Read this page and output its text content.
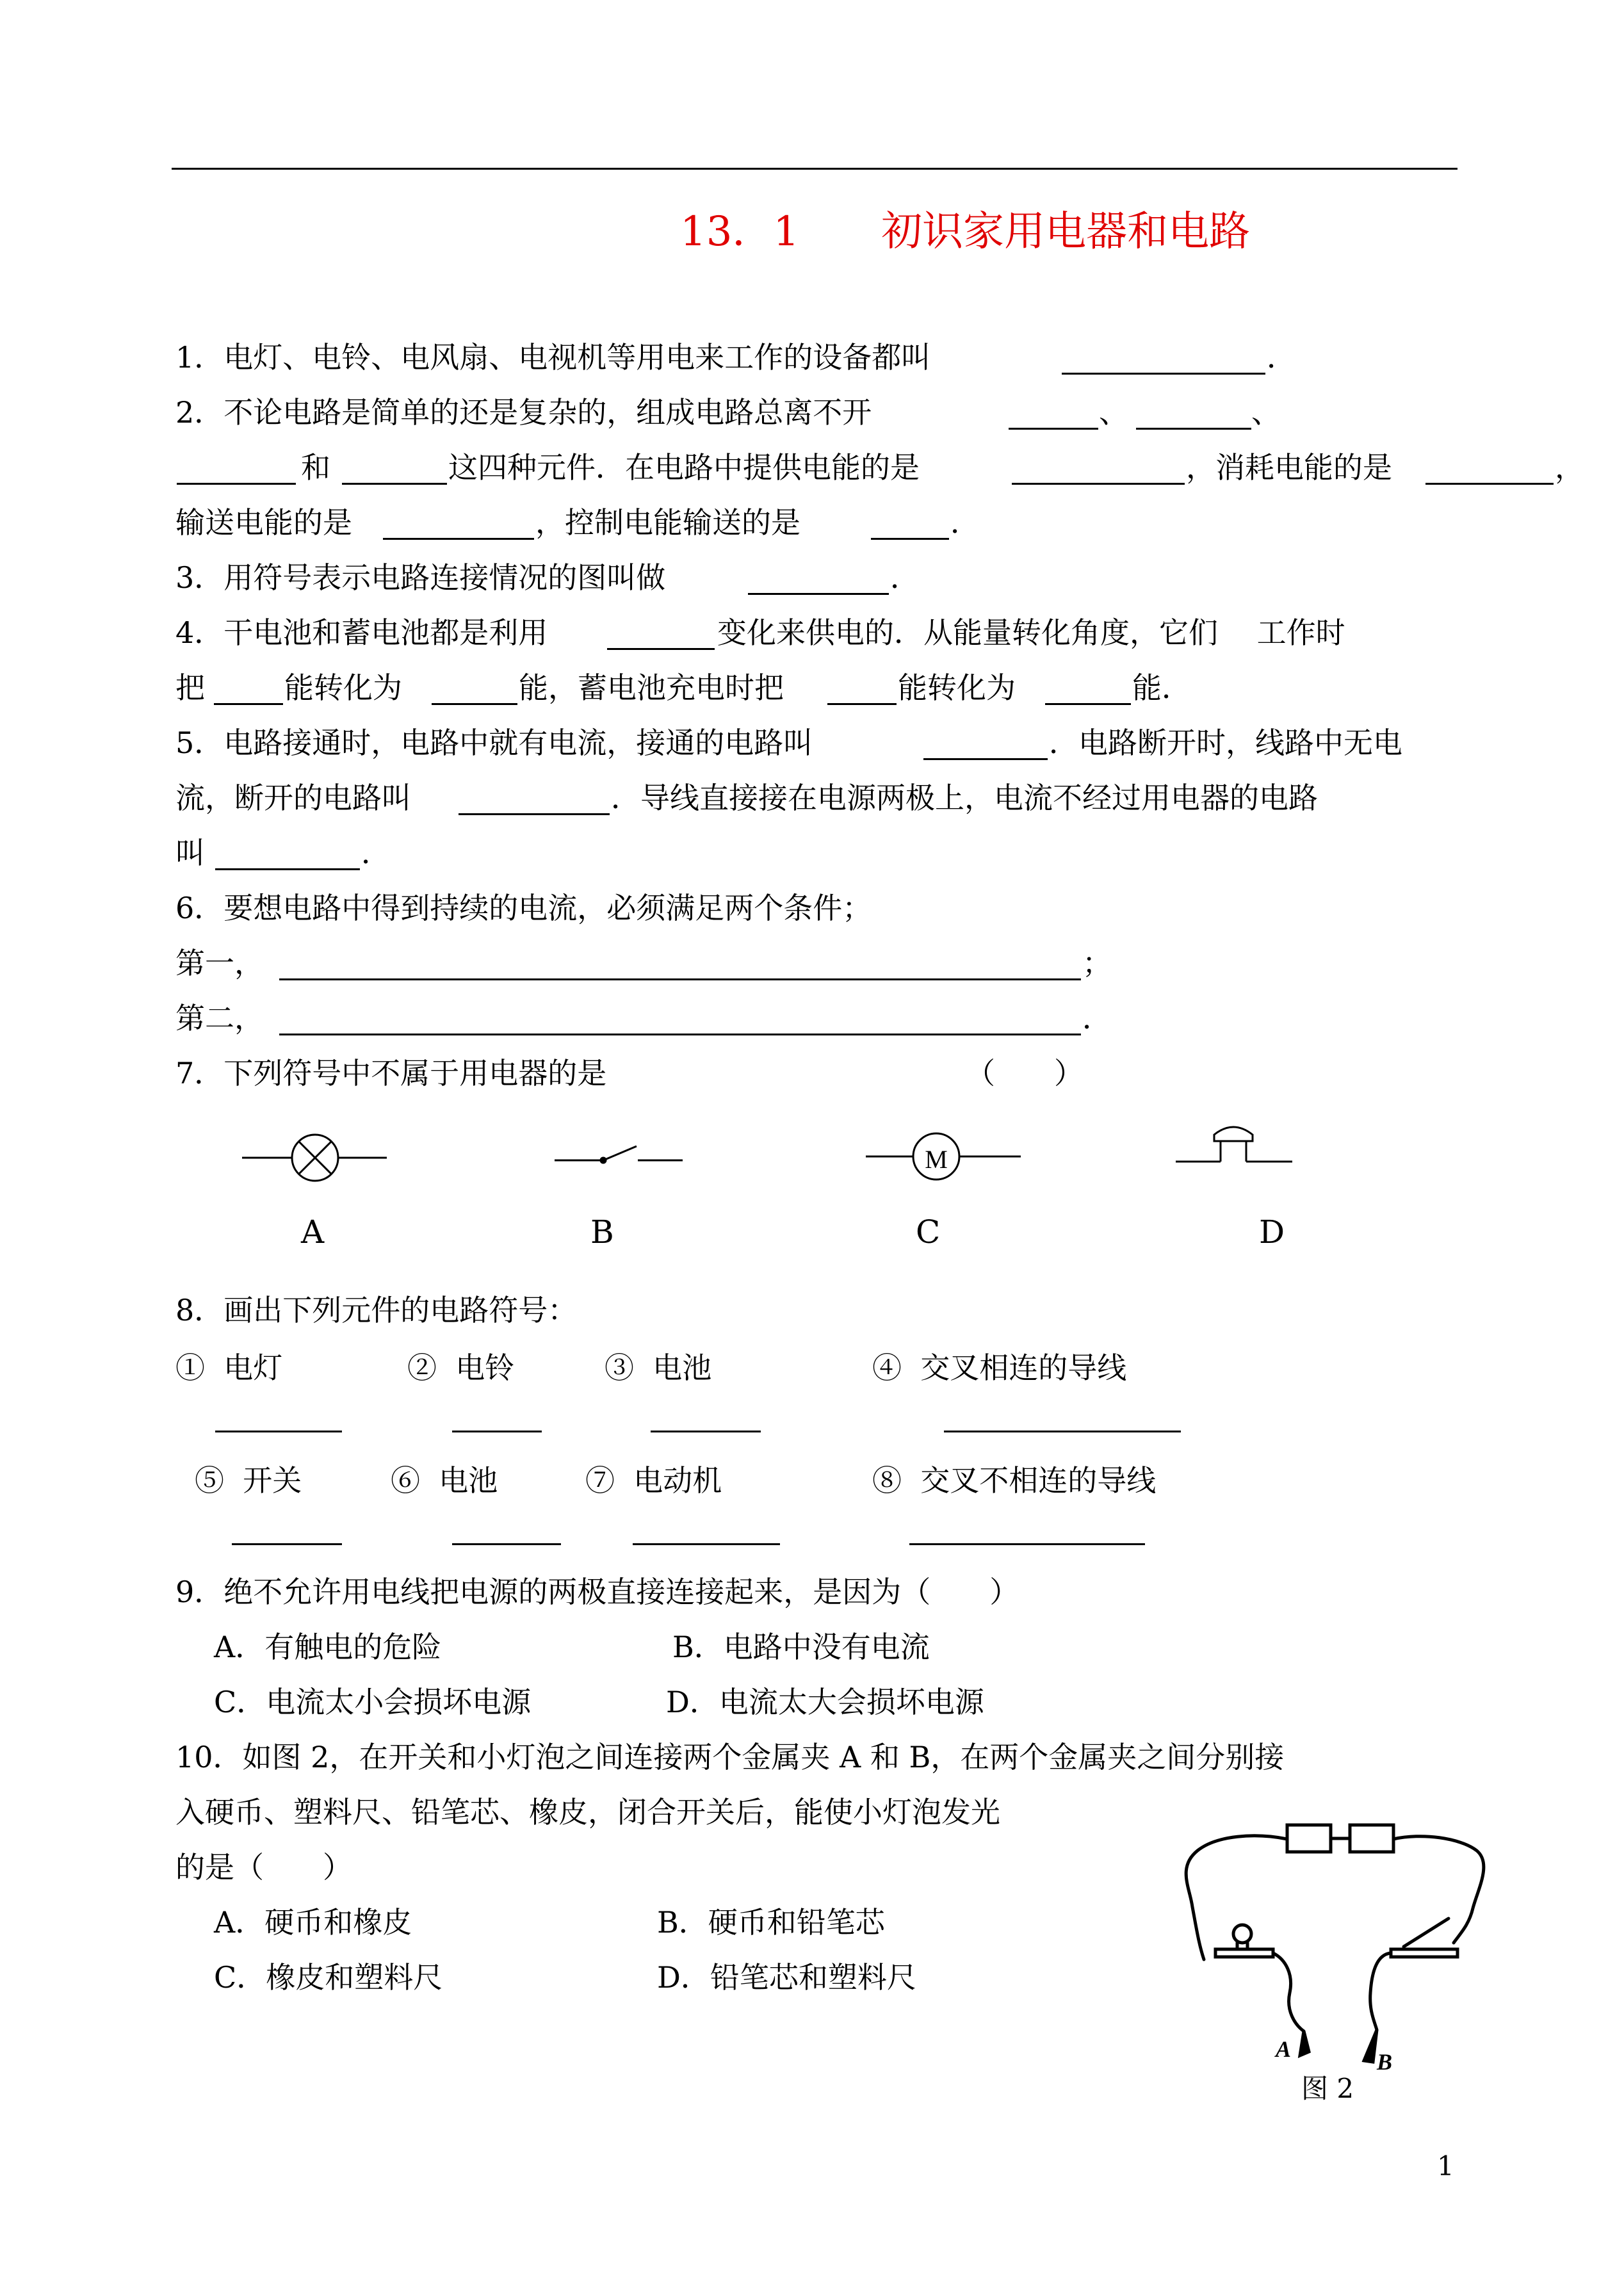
13．1　　初识家用电器和电路
1．电灯、电铃、电风扇、电视机等用电来工作的设备都叫	．
2．不论电路是简单的还是复杂的，组成电路总离不开	、	、
和	这四种元件．在电路中提供电能的是	，消耗电能的是	，
输送电能的是	，控制电能输送的是	．
3．用符号表示电路连接情况的图叫做	．
4．干电池和蓄电池都是利用	变化来供电的．从能量转化角度，它们　 工作时
把	能转化为	能，蓄电池充电时把	能转化为	能．
5．电路接通时，电路中就有电流，接通的电路叫	．电路断开时，线路中无电
流，断开的电路叫	．导线直接接在电源两极上，电流不经过用电器的电路
叫	．
6．要想电路中得到持续的电流，必须满足两个条件；
第一，	；
第二，	．
7．下列符号中不属于用电器的是	（　　）
M
A	B	C	D
8．画出下列元件的电路符号：
①  电灯	②  电铃	③  电池	④  交叉相连的导线
⑤  开关	⑥  电池	⑦  电动机	⑧  交叉不相连的导线
9．绝不允许用电线把电源的两极直接连接起来，是因为（　　）
A．有触电的危险	B．电路中没有电流
C．电流太小会损坏电源	D．电流太大会损坏电源
10．如图 2，在开关和小灯泡之间连接两个金属夹 A 和 B，在两个金属夹之间分别接
入硬币、塑料尺、铅笔芯、橡皮，闭合开关后，能使小灯泡发光
的是（　　）
A．硬币和橡皮	B．硬币和铅笔芯
C．橡皮和塑料尺	D．铅笔芯和塑料尺
A	B
图 2
1
